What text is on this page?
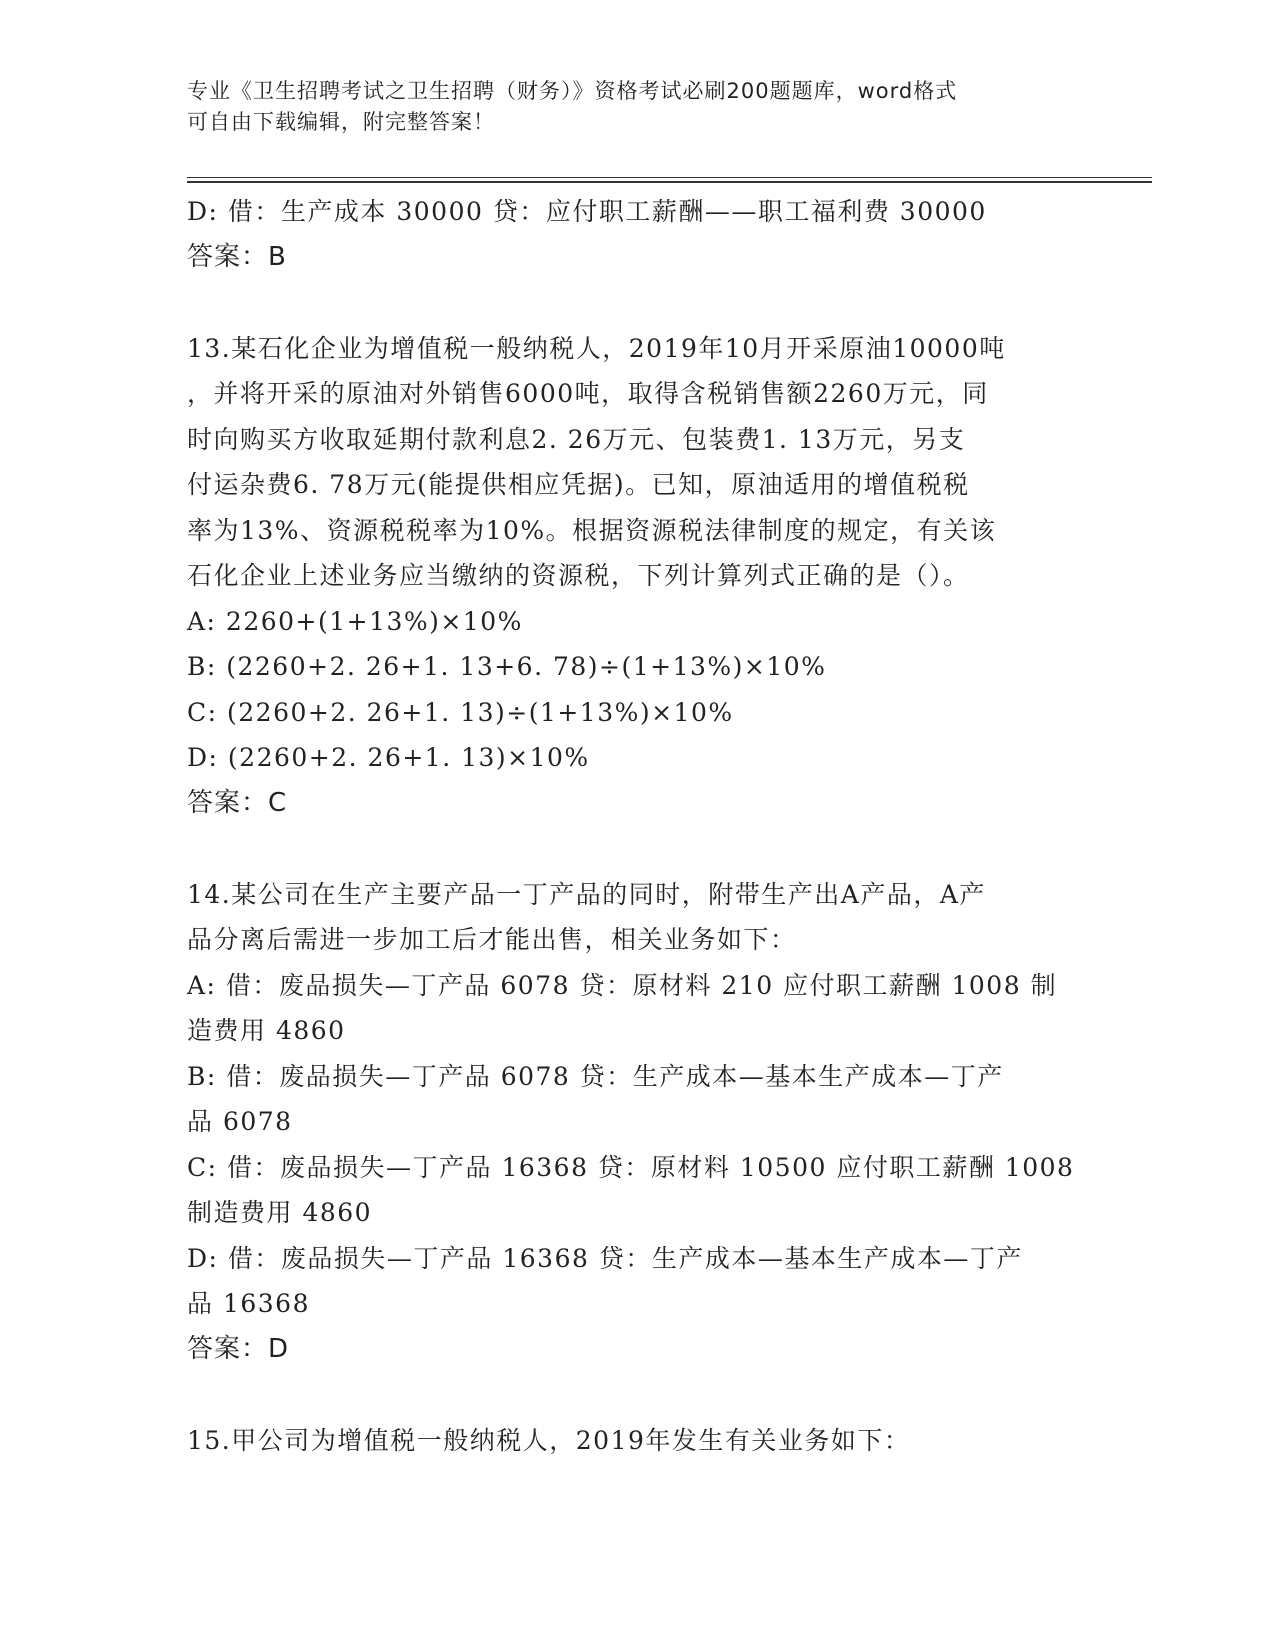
专业《卫生招聘考试之卫生招聘（财务）》资格考试必刷200题题库，word格式
可自由下载编辑，附完整答案！
D: 借：生产成本 30000 贷：应付职工薪酬——职工福利费 30000
答案：B
13.某石化企业为增值税一般纳税人，2019年10月开采原油10000吨
，并将开采的原油对外销售6000吨，取得含税销售额2260万元，同
时向购买方收取延期付款利息2. 26万元、包装费1. 13万元，另支
付运杂费6. 78万元(能提供相应凭据)。已知，原油适用的增值税税
率为13%、资源税税率为10%。根据资源税法律制度的规定，有关该
石化企业上述业务应当缴纳的资源税，下列计算列式正确的是（）。
A: 2260+(1+13%)×10%
B: (2260+2. 26+1. 13+6. 78)÷(1+13%)×10%
C: (2260+2. 26+1. 13)÷(1+13%)×10%
D: (2260+2. 26+1. 13)×10%
答案：C
14.某公司在生产主要产品一丁产品的同时，附带生产出A产品，A产
品分离后需进一步加工后才能出售，相关业务如下：
A: 借：废品损失—丁产品 6078 贷：原材料 210 应付职工薪酬 1008 制
造费用 4860
B: 借：废品损失—丁产品 6078 贷：生产成本—基本生产成本—丁产
品 6078
C: 借：废品损失—丁产品 16368 贷：原材料 10500 应付职工薪酬 1008
制造费用 4860
D: 借：废品损失—丁产品 16368 贷：生产成本—基本生产成本—丁产
品 16368
答案：D
15.甲公司为增值税一般纳税人，2019年发生有关业务如下：
